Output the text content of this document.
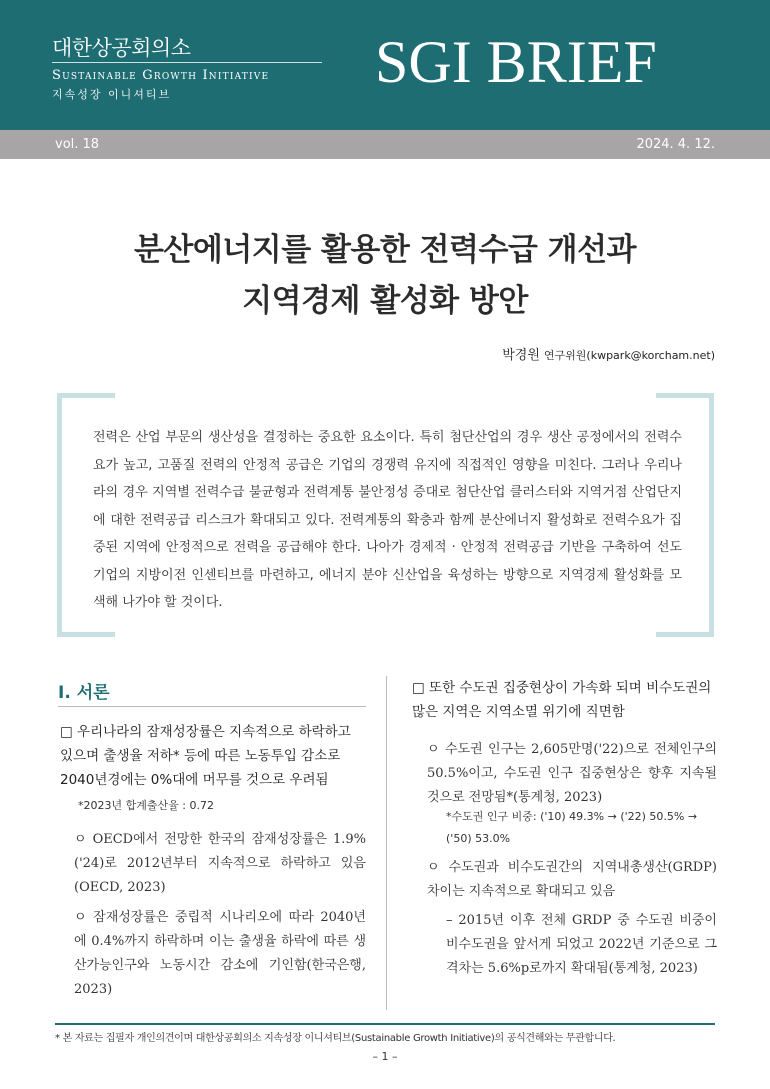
대한상공회의소
Sustainable Growth Initiative
지속성장 이니셔티브	SGI BRIEF
vol. 18	2024. 4. 12.
분산에너지를 활용한 전력수급 개선과
지역경제 활성화 방안
박경원 연구위원(kwpark@korcham.net)
전력은 산업 부문의 생산성을 결정하는 중요한 요소이다. 특히 첨단산업의 경우 생산 공정에서의 전력수요가 높고, 고품질 전력의 안정적 공급은 기업의 경쟁력 유지에 직접적인 영향을 미친다. 그러나 우리나라의 경우 지역별 전력수급 불균형과 전력계통 불안정성 증대로 첨단산업 클러스터와 지역거점 산업단지에 대한 전력공급 리스크가 확대되고 있다. 전력계통의 확충과 함께 분산에너지 활성화로 전력수요가 집중된 지역에 안정적으로 전력을 공급해야 한다. 나아가 경제적 · 안정적 전력공급 기반을 구축하여 선도기업의 지방이전 인센티브를 마련하고, 에너지 분야 신산업을 육성하는 방향으로 지역경제 활성화를 모색해 나가야 할 것이다.
Ⅰ. 서론
□ 우리나라의 잠재성장률은 지속적으로 하락하고 있으며 출생율 저하* 등에 따른 노동투입 감소로 2040년경에는 0%대에 머무를 것으로 우려됨
*2023년 합계출산율 : 0.72
ㅇ OECD에서 전망한 한국의 잠재성장률은 1.9%('24)로 2012년부터 지속적으로 하락하고 있음(OECD, 2023)
ㅇ 잠재성장률은 중립적 시나리오에 따라 2040년에 0.4%까지 하락하며 이는 출생율 하락에 따른 생산가능인구와 노동시간 감소에 기인함(한국은행, 2023)
□ 또한 수도권 집중현상이 가속화 되며 비수도권의 많은 지역은 지역소멸 위기에 직면함
ㅇ 수도권 인구는 2,605만명('22)으로 전체인구의 50.5%이고, 수도권 인구 집중현상은 향후 지속될 것으로 전망됨*(통계청, 2023)
*수도권 인구 비중: ('10) 49.3% → ('22) 50.5% → ('50) 53.0%
ㅇ 수도권과 비수도권간의 지역내총생산(GRDP) 차이는 지속적으로 확대되고 있음
– 2015년 이후 전체 GRDP 중 수도권 비중이 비수도권을 앞서게 되었고 2022년 기준으로 그 격차는 5.6%p로까지 확대됨(통계청, 2023)
* 본 자료는 집필자 개인의견이며 대한상공회의소 지속성장 이니셔티브(Sustainable Growth Initiative)의 공식견해와는 무관합니다.
– 1 –
